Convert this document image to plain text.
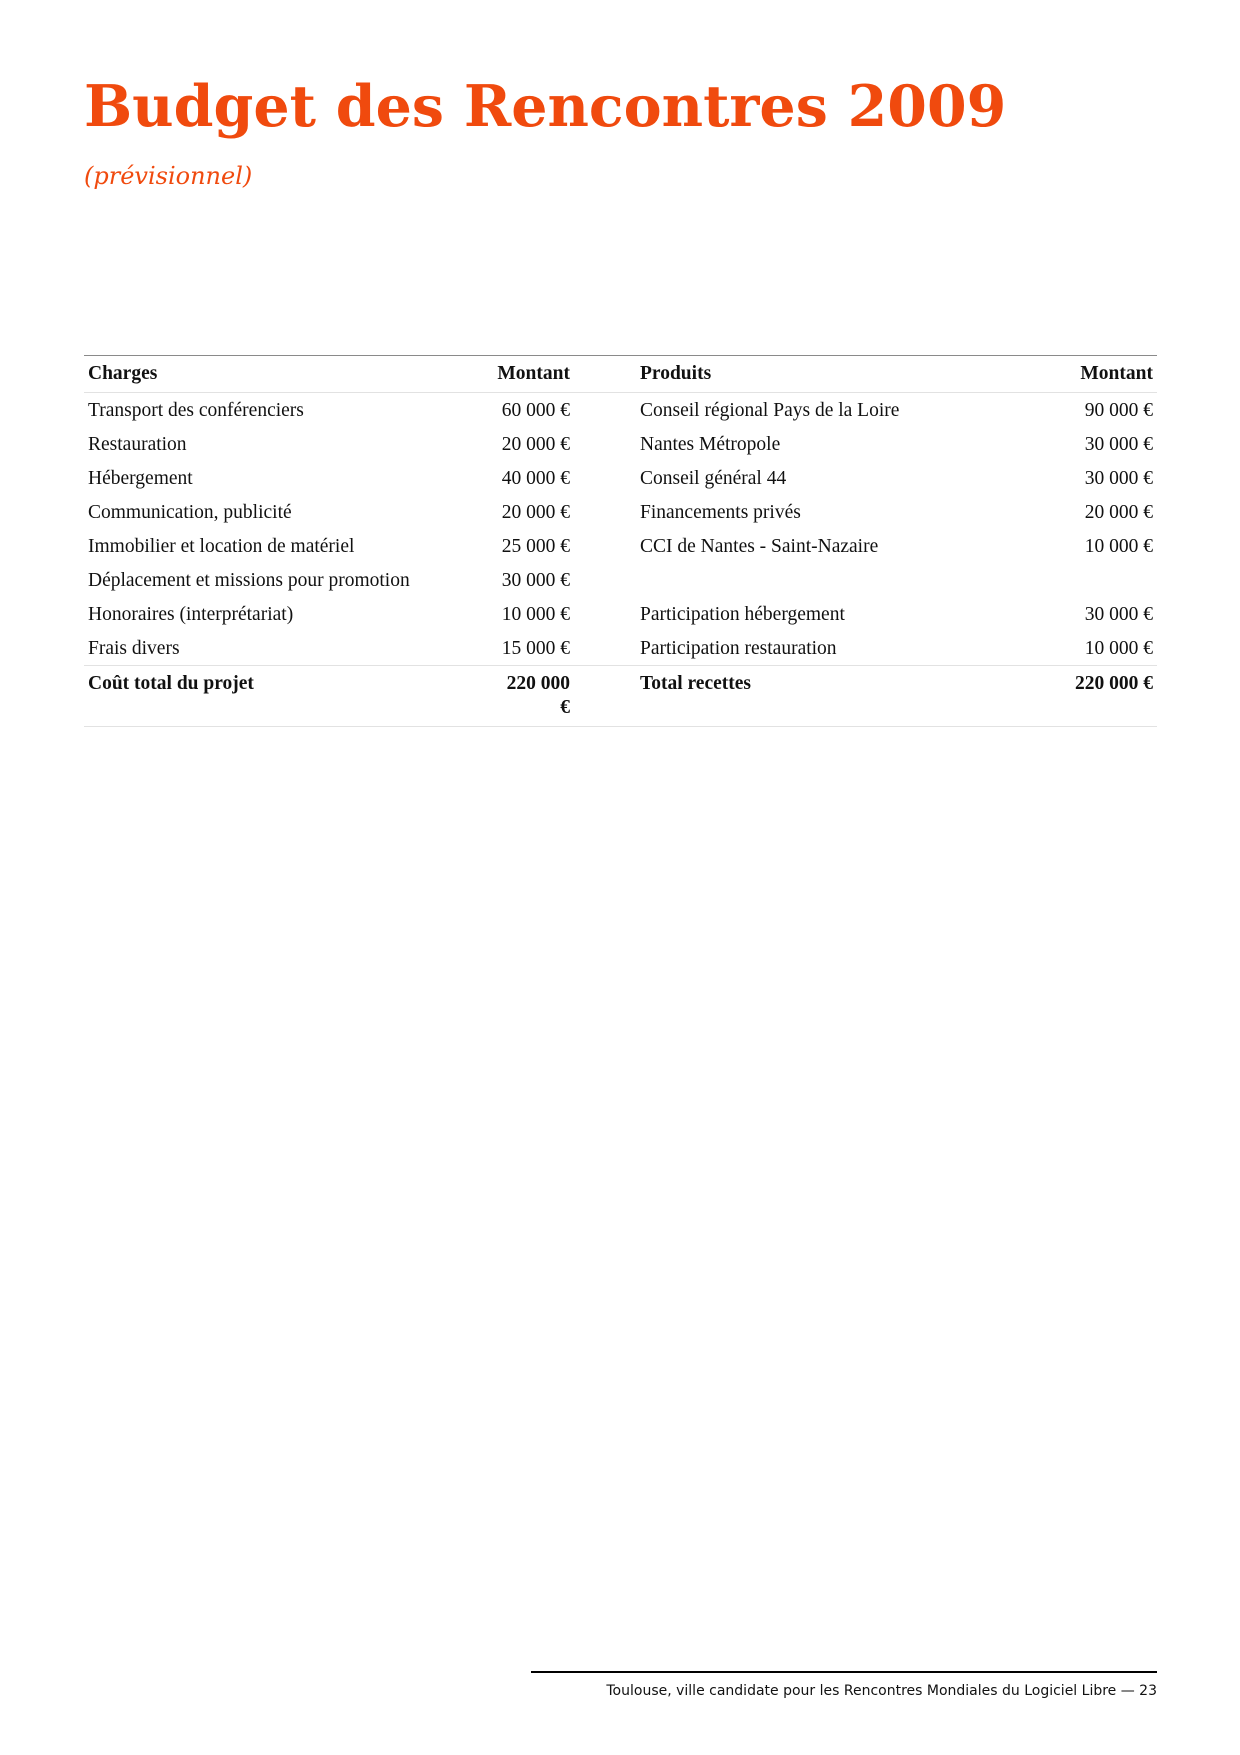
Budget des Rencontres 2009

(prévisionnel)

Charges	Montant		Produits	Montant
Transport des conférenciers	60 000 €		Conseil régional Pays de la Loire	90 000 €
Restauration	20 000 €		Nantes Métropole	30 000 €
Hébergement	40 000 €		Conseil général 44	30 000 €
Communication, publicité	20 000 €		Financements privés	20 000 €
Immobilier et location de matériel	25 000 €		CCI de Nantes - Saint-Nazaire	10 000 €
Déplacement et missions pour promotion	30 000 €			
Honoraires (interprétariat)	10 000 €		Participation hébergement	30 000 €
Frais divers	15 000 €		Participation restauration	10 000 €
Coût total du projet	220 000 €		Total recettes	220 000 €
Toulouse, ville candidate pour les Rencontres Mondiales du Logiciel Libre — 23
